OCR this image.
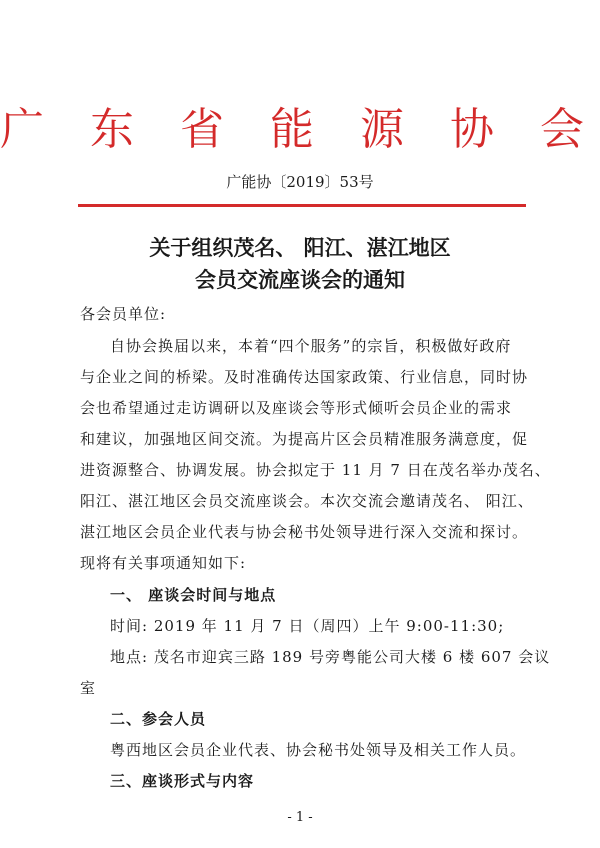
广 东 省 能 源 协 会
广能协〔2019〕53号
关于组织茂名、 阳江、湛江地区
会员交流座谈会的通知
各会员单位:
自协会换届以来，本着“四个服务”的宗旨，积极做好政府
与企业之间的桥梁。及时准确传达国家政策、行业信息，同时协
会也希望通过走访调研以及座谈会等形式倾听会员企业的需求
和建议，加强地区间交流。为提高片区会员精准服务满意度，促
进资源整合、协调发展。协会拟定于 11 月 7 日在茂名举办茂名、
阳江、湛江地区会员交流座谈会。本次交流会邀请茂名、 阳江、
湛江地区会员企业代表与协会秘书处领导进行深入交流和探讨。
现将有关事项通知如下:
一、 座谈会时间与地点
时间: 2019 年 11 月 7 日（周四）上午 9:00-11:30;
地点: 茂名市迎宾三路 189 号旁粤能公司大楼 6 楼 607 会议
室
二、参会人员
粤西地区会员企业代表、协会秘书处领导及相关工作人员。
三、座谈形式与内容
- 1 -
